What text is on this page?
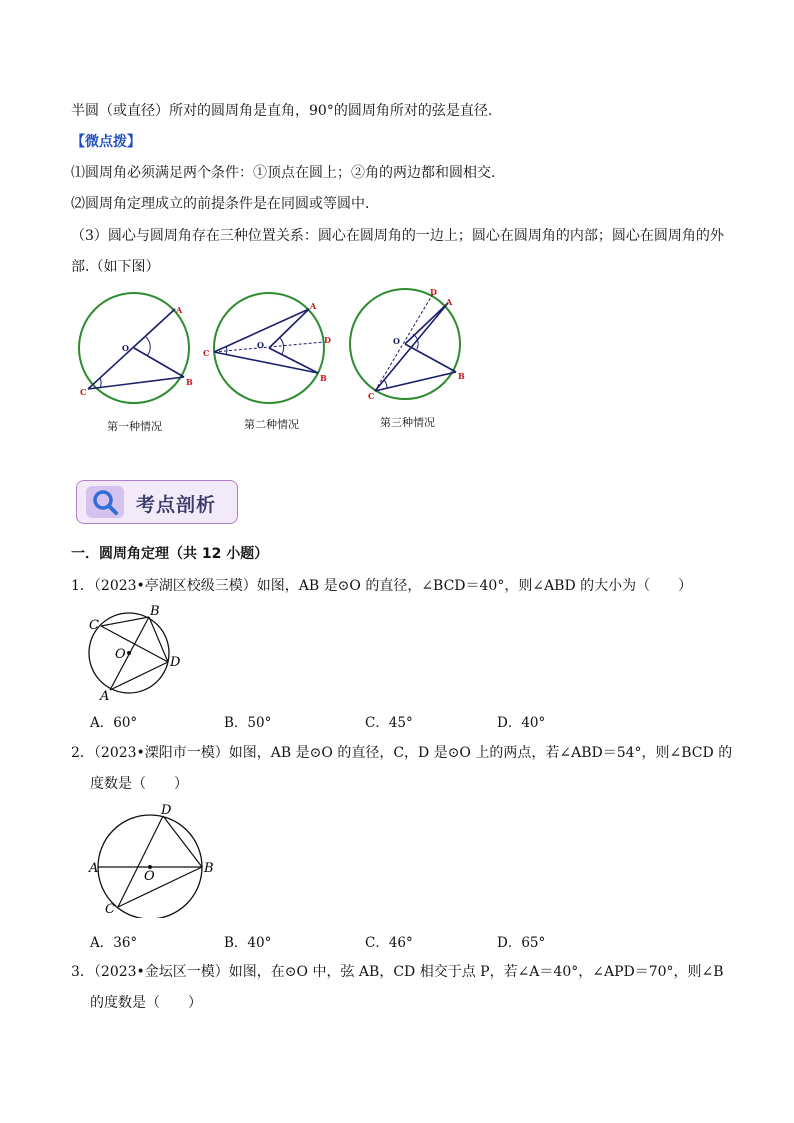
半圆（或直径）所对的圆周角是直角，90°的圆周角所对的弦是直径.
【微点拨】
⑴圆周角必须满足两个条件：①顶点在圆上；②角的两边都和圆相交.
⑵圆周角定理成立的前提条件是在同圆或等圆中.
（3）圆心与圆周角存在三种位置关系：圆心在圆周角的一边上；圆心在圆周角的内部；圆心在圆周角的外
部.（如下图）
A
B
C
O
A
B
C
D
O
A
B
C
D
O
第一种情况	第二种情况	第三种情况
考点剖析
一．圆周角定理（共 12 小题）
1．（2023•亭湖区校级三模）如图，AB 是⊙O 的直径，∠BCD＝40°，则∠ABD 的大小为（　　）
B
C
O
D
A
A．60°	B．50°	C．45°	D．40°
2．（2023•溧阳市一模）如图，AB 是⊙O 的直径，C，D 是⊙O 上的两点，若∠ABD＝54°，则∠BCD 的
度数是（　　）
D
A	B
O
C
A．36°	B．40°	C．46°	D．65°
3．（2023•金坛区一模）如图，在⊙O 中，弦 AB，CD 相交于点 P，若∠A＝40°，∠APD＝70°，则∠B
的度数是（　　）
